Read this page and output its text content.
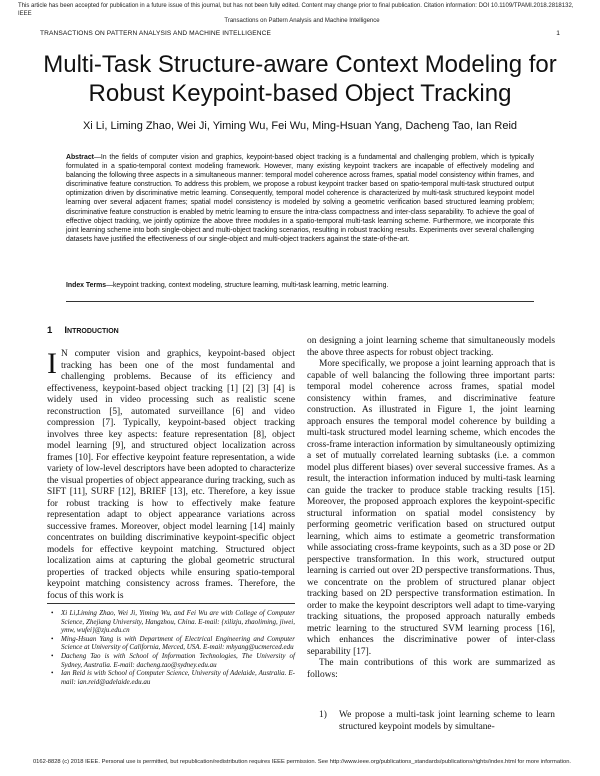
This article has been accepted for publication in a future issue of this journal, but has not been fully edited. Content may change prior to final publication. Citation information: DOI 10.1109/TPAMI.2018.2818132, IEEE
Transactions on Pattern Analysis and Machine Intelligence
TRANSACTIONS ON PATTERN ANALYSIS AND MACHINE INTELLIGENCE	1
Multi-Task Structure-aware Context Modeling for Robust Keypoint-based Object Tracking
Xi Li, Liming Zhao, Wei Ji, Yiming Wu, Fei Wu, Ming-Hsuan Yang, Dacheng Tao, Ian Reid
Abstract—In the fields of computer vision and graphics, keypoint-based object tracking is a fundamental and challenging problem, which is typically formulated in a spatio-temporal context modeling framework. However, many existing keypoint trackers are incapable of effectively modeling and balancing the following three aspects in a simultaneous manner: temporal model coherence across frames, spatial model consistency within frames, and discriminative feature construction. To address this problem, we propose a robust keypoint tracker based on spatio-temporal multi-task structured output optimization driven by discriminative metric learning. Consequently, temporal model coherence is characterized by multi-task structured keypoint model learning over several adjacent frames; spatial model consistency is modeled by solving a geometric verification based structured learning problem; discriminative feature construction is enabled by metric learning to ensure the intra-class compactness and inter-class separability. To achieve the goal of effective object tracking, we jointly optimize the above three modules in a spatio-temporal multi-task learning scheme. Furthermore, we incorporate this joint learning scheme into both single-object and multi-object tracking scenarios, resulting in robust tracking results. Experiments over several challenging datasets have justified the effectiveness of our single-object and multi-object trackers against the state-of-the-art.
Index Terms—keypoint tracking, context modeling, structure learning, multi-task learning, metric learning.
1 Introduction

I N computer vision and graphics, keypoint-based object tracking has been one of the most fundamental and challenging problems. Because of its efficiency and effectiveness, keypoint-based object tracking [1] [2] [3] [4] is widely used in video processing such as realistic scene reconstruction [5], automated surveillance [6] and video compression [7]. Typically, keypoint-based object tracking involves three key aspects: feature representation [8], object model learning [9], and structured object localization across frames [10]. For effective keypoint feature representation, a wide variety of low-level descriptors have been adopted to characterize the visual properties of object appearance during tracking, such as SIFT [11], SURF [12], BRIEF [13], etc. Therefore, a key issue for robust tracking is how to effectively make feature representation adapt to object appearance variations across successive frames. Moreover, object model learning [14] mainly concentrates on building discriminative keypoint-specific object models for effective keypoint matching. Structured object localization aims at capturing the global geometric structural properties of tracked objects while ensuring spatio-temporal keypoint matching consistency across frames. Therefore, the focus of this work is

• Xi Li,Liming Zhao, Wei Ji, Yiming Wu, and Fei Wu are with College of Computer Science, Zhejiang University, Hangzhou, China. E-mail: {xilizju, zhaoliming, jiwei, ymw, wufei}@zju.edu.cn
• Ming-Hsuan Yang is with Department of Electrical Engineering and Computer Science at University of California, Merced, USA. E-mail: mhyang@ucmerced.edu
• Dacheng Tao is with School of Information Technologies, The University of Sydney, Australia. E-mail: dacheng.tao@sydney.edu.au
• Ian Reid is with School of Computer Science, University of Adelaide, Australia. E-mail: ian.reid@adelaide.edu.au

on designing a joint learning scheme that simultaneously models the above three aspects for robust object tracking.

More specifically, we propose a joint learning approach that is capable of well balancing the following three important parts: temporal model coherence across frames, spatial model consistency within frames, and discriminative feature construction. As illustrated in Figure 1, the joint learning approach ensures the temporal model coherence by building a multi-task structured model learning scheme, which encodes the cross-frame interaction information by simultaneously optimizing a set of mutually correlated learning subtasks (i.e. a common model plus different biases) over several successive frames. As a result, the interaction information induced by multi-task learning can guide the tracker to produce stable tracking results [15]. Moreover, the proposed approach explores the keypoint-specific structural information on spatial model consistency by performing geometric verification based on structured output learning, which aims to estimate a geometric transformation while associating cross-frame keypoints, such as a 3D pose or 2D perspective transformation. In this work, structured output learning is carried out over 2D perspective transformations. Thus, we concentrate on the problem of structured planar object tracking based on 2D perspective transformation estimation. In order to make the keypoint descriptors well adapt to time-varying tracking situations, the proposed approach naturally embeds metric learning to the structured SVM learning process [16], which enhances the discriminative power of inter-class separability [17].

The main contributions of this work are summarized as follows:

1) We propose a multi-task joint learning scheme to learn structured keypoint models by simultane-
0162-8828 (c) 2018 IEEE. Personal use is permitted, but republication/redistribution requires IEEE permission. See http://www.ieee.org/publications_standards/publications/rights/index.html for more information.
